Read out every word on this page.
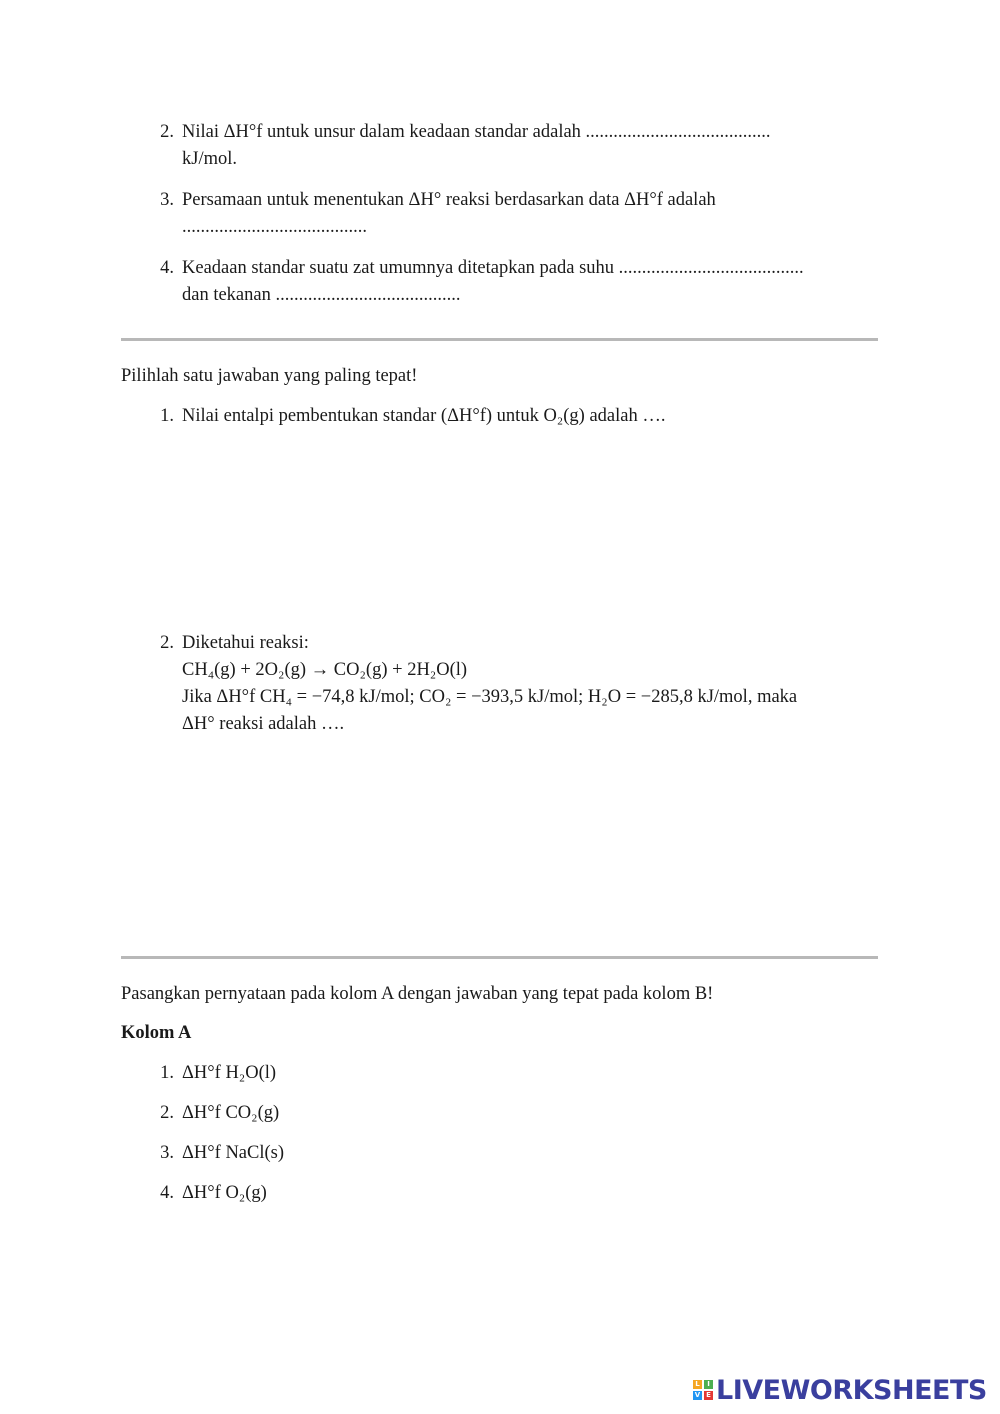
2. Nilai ΔH°f untuk unsur dalam keadaan standar adalah ........................................
kJ/mol.
3. Persamaan untuk menentukan ΔH° reaksi berdasarkan data ΔH°f adalah
........................................
4. Keadaan standar suatu zat umumnya ditetapkan pada suhu ........................................
dan tekanan ........................................
Pilihlah satu jawaban yang paling tepat!
1. Nilai entalpi pembentukan standar (ΔH°f) untuk O₂(g) adalah ….
2. Diketahui reaksi:
CH₄(g) + 2O₂(g) → CO₂(g) + 2H₂O(l)
Jika ΔH°f CH₄ = −74,8 kJ/mol; CO₂ = −393,5 kJ/mol; H₂O = −285,8 kJ/mol, maka
ΔH° reaksi adalah ….
Pasangkan pernyataan pada kolom A dengan jawaban yang tepat pada kolom B!
Kolom A
1. ΔH°f H₂O(l)
2. ΔH°f CO₂(g)
3. ΔH°f NaCl(s)
4. ΔH°f O₂(g)
L	I
V E LIVEWORKSHEETS
